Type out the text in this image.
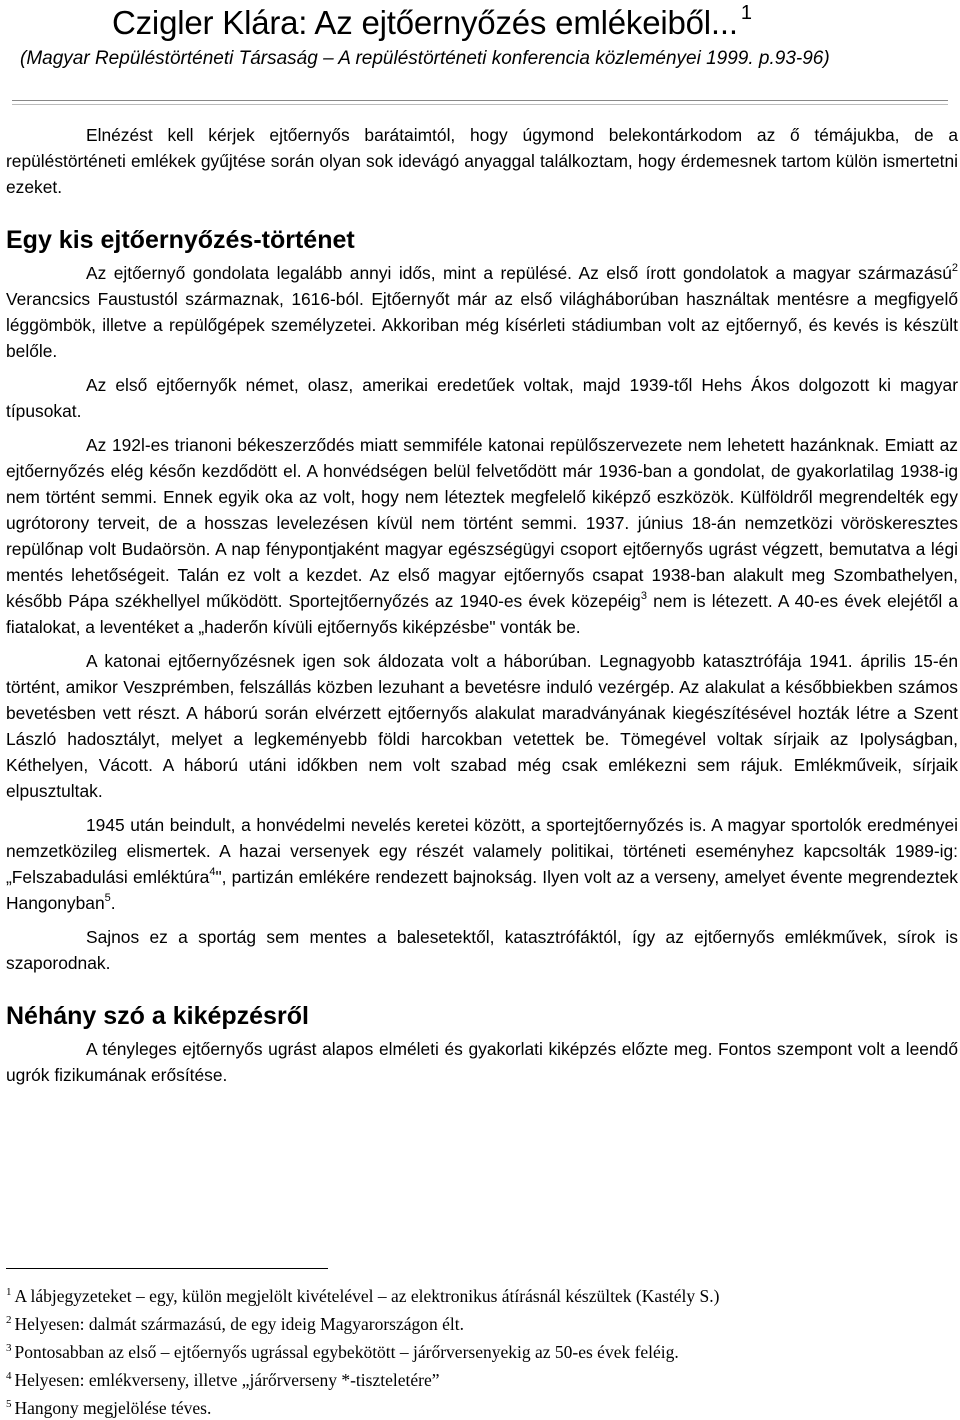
Czigler Klára: Az ejtőernyőzés emlékeiből... $^1$
(Magyar Repüléstörténeti Társaság – A repüléstörténeti konferencia közleményei 1999. p.93-96)

Elnézést kell kérjek ejtőernyős barátaimtól, hogy úgymond belekontárkodom az ő témájukba, de a repüléstörténeti emlékek gyűjtése során olyan sok idevágó anyaggal találkoztam, hogy érdemesnek tartom külön ismertetni ezeket.

Egy kis ejtőernyőzés-történet

Az ejtőernyő gondolata legalább annyi idős, mint a repülésé. Az első írott gondolatok a magyar származású$^2$ Verancsics Faustustól származnak, 1616-ból. Ejtőernyőt már az első világháborúban használtak mentésre a megfigyelő léggömbök, illetve a repülőgépek személyzetei. Akkoriban még kísérleti stádiumban volt az ejtőernyő, és kevés is készült belőle.

Az első ejtőernyők német, olasz, amerikai eredetűek voltak, majd 1939-től Hehs Ákos dolgozott ki magyar típusokat.

Az 192l-es trianoni békeszerződés miatt semmiféle katonai repülőszervezete nem lehetett hazánknak. Emiatt az ejtőernyőzés elég későn kezdődött el. A honvédségen belül felvetődött már 1936-ban a gondolat, de gyakorlatilag 1938-ig nem történt semmi. Ennek egyik oka az volt, hogy nem léteztek megfelelő kiképző eszközök. Külföldről megrendelték egy ugrótorony terveit, de a hosszas levelezésen kívül nem történt semmi. 1937. június 18-án nemzetközi vöröskeresztes repülőnap volt Budaörsön. A nap fénypontjaként magyar egészségügyi csoport ejtőernyős ugrást végzett, bemutatva a légi mentés lehetőségeit. Talán ez volt a kezdet. Az első magyar ejtőernyős csapat 1938-ban alakult meg Szombathelyen, később Pápa székhellyel működött. Sportejtőernyőzés az 1940-es évek közepéig$^3$ nem is létezett. A 40-es évek elejétől a fiatalokat, a leventéket a „haderőn kívüli ejtőernyős kiképzésbe" vonták be.

A katonai ejtőernyőzésnek igen sok áldozata volt a háborúban. Legnagyobb katasztrófája 1941. április 15-én történt, amikor Veszprémben, felszállás közben lezuhant a bevetésre induló vezérgép. Az alakulat a későbbiekben számos bevetésben vett részt. A háború során elvérzett ejtőernyős alakulat maradványának kiegészítésével hozták létre a Szent László hadosztályt, melyet a legkeményebb földi harcokban vetettek be. Tömegével voltak sírjaik az Ipolyságban, Kéthelyen, Vácott. A háború utáni időkben nem volt szabad még csak emlékezni sem rájuk. Emlékműveik, sírjaik elpusztultak.

1945 után beindult, a honvédelmi nevelés keretei között, a sportejtőernyőzés is. A magyar sportolók eredményei nemzetközileg elismertek. A hazai versenyek egy részét valamely politikai, történeti eseményhez kapcsolták 1989-ig: „Felszabadulási emléktúra$^4$", partizán emlékére rendezett bajnokság. Ilyen volt az a verseny, amelyet évente megrendeztek Hangonyban$^5$.

Sajnos ez a sportág sem mentes a balesetektől, katasztrófáktól, így az ejtőernyős emlékművek, sírok is szaporodnak.

Néhány szó a kiképzésről

A tényleges ejtőernyős ugrást alapos elméleti és gyakorlati kiképzés előzte meg. Fontos szempont volt a leendő ugrók fizikumának erősítése.

$^1$ A lábjegyzeteket – egy, külön megjelölt kivételével – az elektronikus átírásnál készültek (Kastély S.)
$^2$ Helyesen: dalmát származású, de egy ideig Magyarországon élt.
$^3$ Pontosabban az első – ejtőernyős ugrással egybekötött – járőrversenyekig az 50-es évek feléig.
$^4$ Helyesen: emlékverseny, illetve „járőrverseny *-tiszteletére”
$^5$ Hangony megjelölése téves.
